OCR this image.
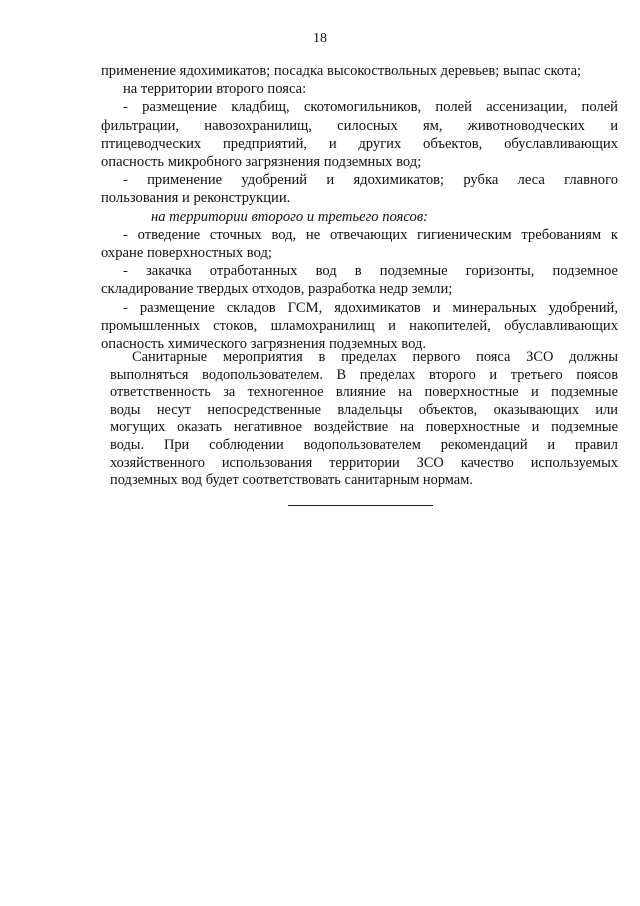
18

применение ядохимикатов; посадка высокоствольных деревьев; выпас скота;

на территории второго пояса:

- размещение кладбищ, скотомогильников, полей ассенизации, полей

фильтрации, навозохранилищ, силосных ям, животноводческих и

птицеводческих предприятий, и других объектов, обуславливающих

опасность микробного загрязнения подземных вод;

- применение удобрений и ядохимикатов; рубка леса главного

пользования и реконструкции.

на территории второго и третьего поясов:

- отведение сточных вод, не отвечающих гигиеническим требованиям к

охране поверхностных вод;

- закачка отработанных вод в подземные горизонты, подземное

складирование твердых отходов, разработка недр земли;

- размещение складов ГСМ, ядохимикатов и минеральных удобрений,

промышленных стоков, шламохранилищ и накопителей, обуславливающих

опасность химического загрязнения подземных вод.

Санитарные мероприятия в пределах первого пояса ЗСО должны

выполняться водопользователем. В пределах второго и третьего поясов

ответственность за техногенное влияние на поверхностные и подземные

воды несут непосредственные владельцы объектов, оказывающих или

могущих оказать негативное воздействие на поверхностные и подземные

воды. При соблюдении водопользователем рекомендаций и правил

хозяйственного использования территории ЗСО качество используемых

подземных вод будет соответствовать санитарным нормам.
